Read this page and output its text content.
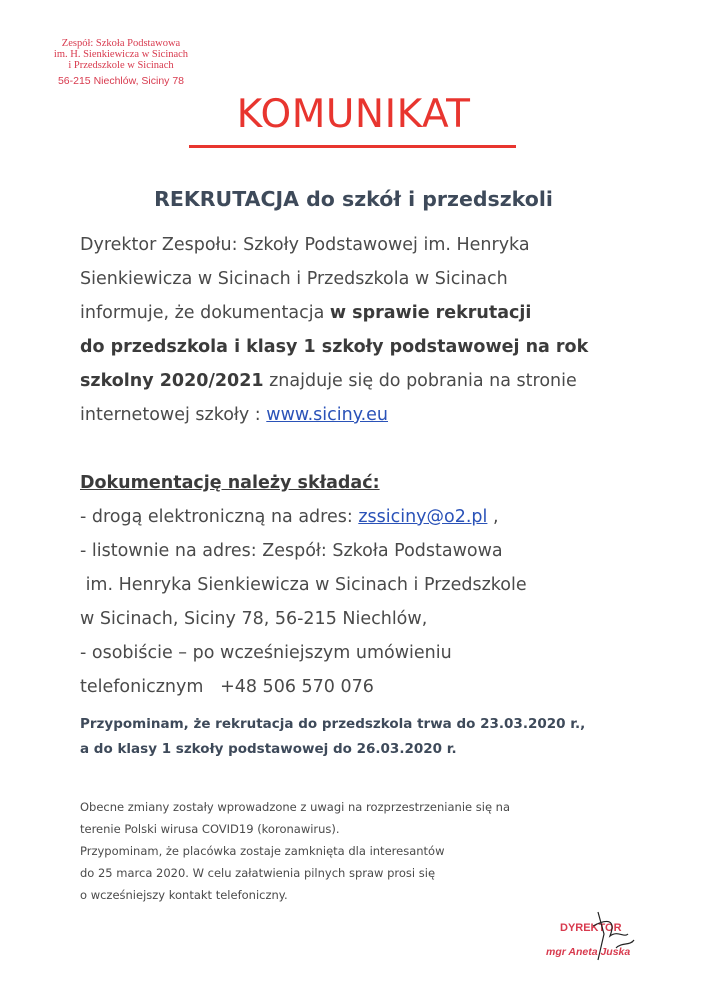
Zespół: Szkoła Podstawowa
im. H. Sienkiewicza w Sicinach
i Przedszkole w Sicinach
56-215 Niechlów, Siciny 78
KOMUNIKAT
REKRUTACJA do szkół i przedszkoli
Dyrektor Zespołu: Szkoły Podstawowej im. Henryka
Sienkiewicza w Sicinach i Przedszkola w Sicinach
informuje, że dokumentacja w sprawie rekrutacji
do przedszkola i klasy 1 szkoły podstawowej na rok
szkolny 2020/2021 znajduje się do pobrania na stronie
internetowej szkoły : www.siciny.eu
Dokumentację należy składać:
- drogą elektroniczną na adres: zssiciny@o2.pl ,
- listownie na adres: Zespół: Szkoła Podstawowa
im. Henryka Sienkiewicza w Sicinach i Przedszkole
w Sicinach, Siciny 78, 56-215 Niechlów,
- osobiście – po wcześniejszym umówieniu
telefonicznym   +48 506 570 076
Przypominam, że rekrutacja do przedszkola trwa do 23.03.2020 r.,
a do klasy 1 szkoły podstawowej do 26.03.2020 r.
Obecne zmiany zostały wprowadzone z uwagi na rozprzestrzenianie się na
terenie Polski wirusa COVID19 (koronawirus).
Przypominam, że placówka zostaje zamknięta dla interesantów
do 25 marca 2020. W celu załatwienia pilnych spraw prosi się
o wcześniejszy kontakt telefoniczny.
DYREKTOR
mgr Aneta Juska
